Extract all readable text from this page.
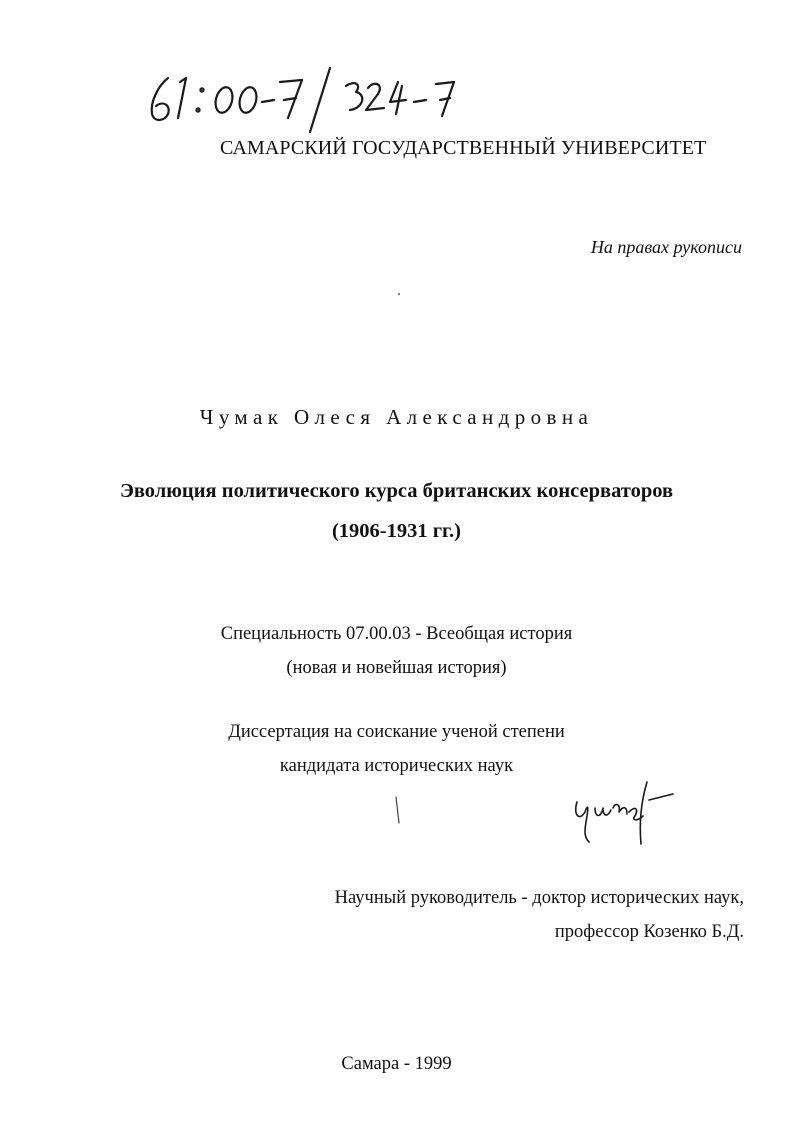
САМАРСКИЙ ГОСУДАРСТВЕННЫЙ УНИВЕРСИТЕТ
На правах рукописи
Чумак Олеся Александровна
Эволюция политического курса британских консерваторов
(1906-1931 гг.)
Специальность 07.00.03 - Всеобщая история
(новая и новейшая история)
Диссертация на соискание ученой степени
кандидата исторических наук
Научный руководитель - доктор исторических наук,
профессор Козенко Б.Д.
Самара - 1999
